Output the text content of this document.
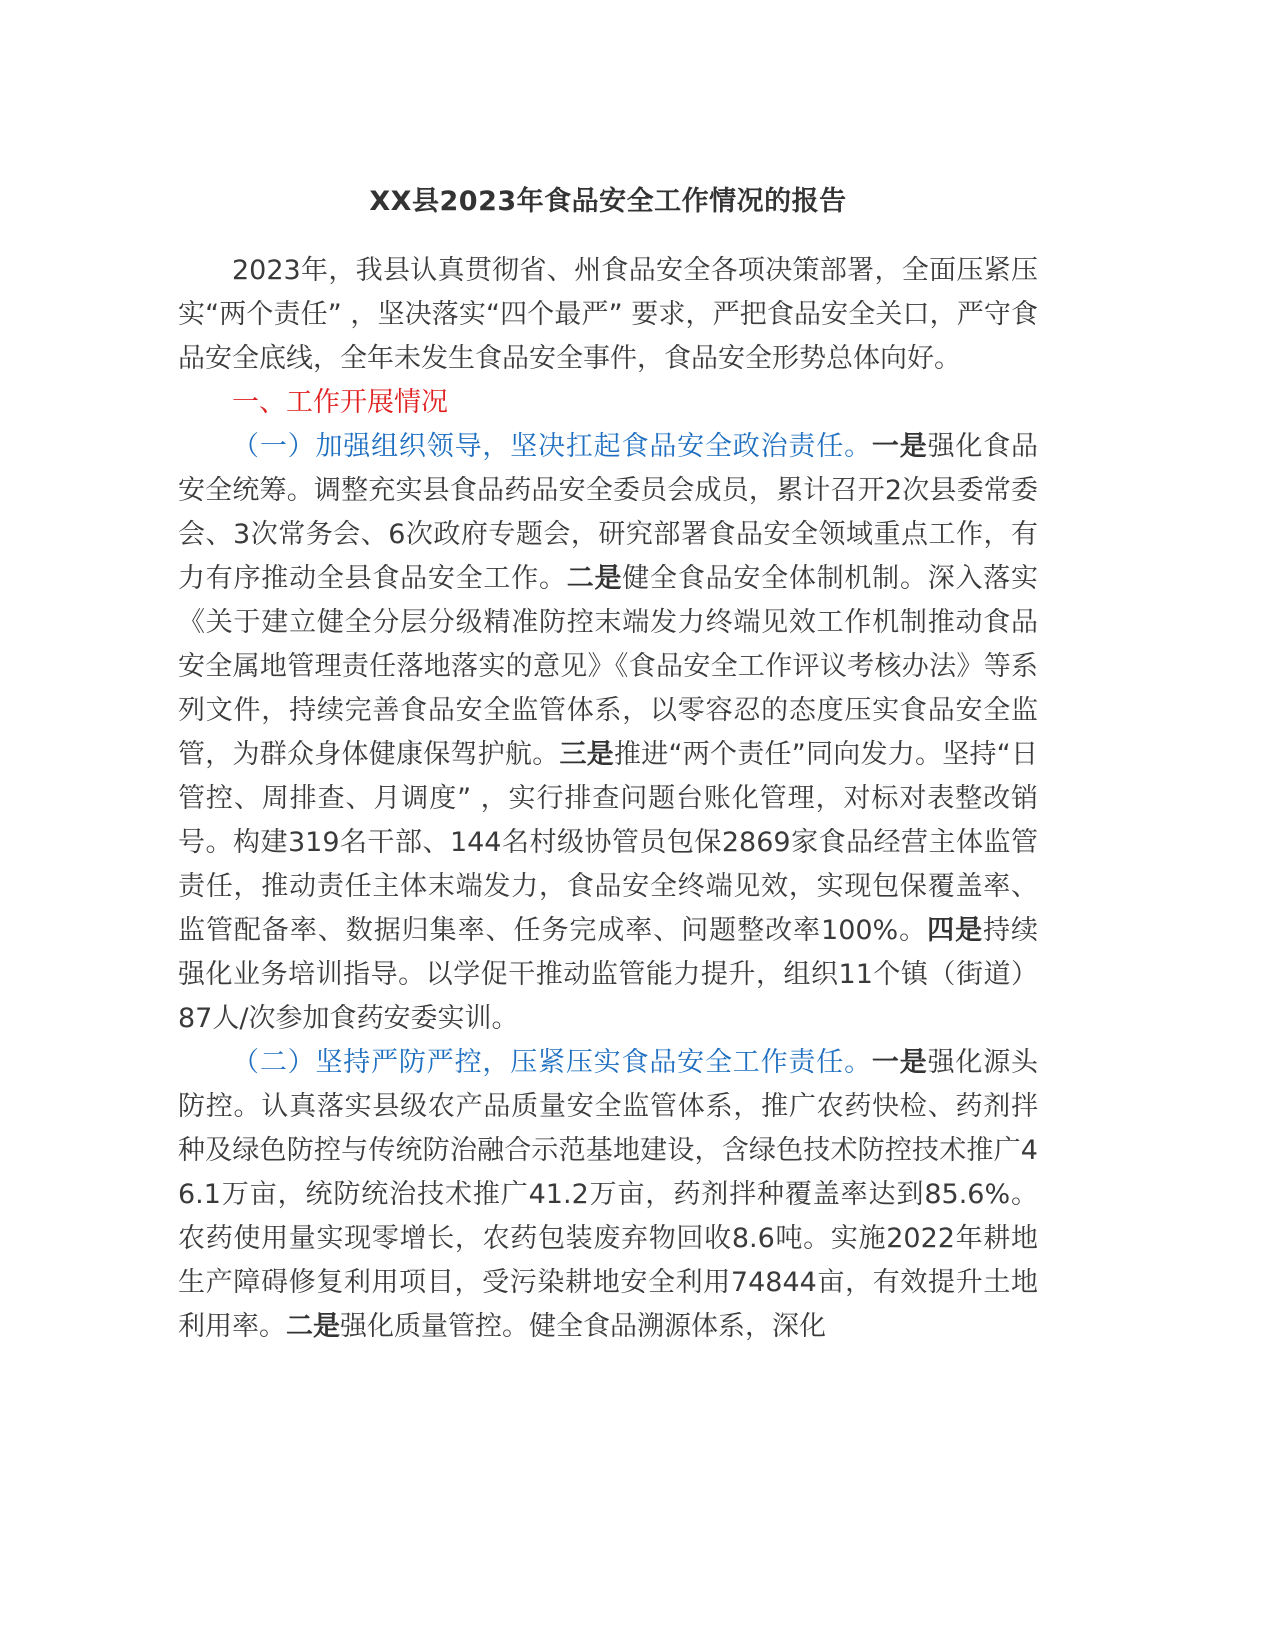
XX县2023年食品安全工作情况的报告

2023年，我县认真贯彻省、州食品安全各项决策部署，全面压紧压实“两个责任” ，坚决落实“四个最严” 要求，严把食品安全关口，严守食品安全底线，全年未发生食品安全事件，食品安全形势总体向好。

一、工作开展情况

（一）加强组织领导，坚决扛起食品安全政治责任。一是强化食品安全统筹。调整充实县食品药品安全委员会成员，累计召开2次县委常委会、3次常务会、6次政府专题会，研究部署食品安全领域重点工作，有力有序推动全县食品安全工作。二是健全食品安全体制机制。深入落实《关于建立健全分层分级精准防控末端发力终端见效工作机制推动食品安全属地管理责任落地落实的意见》《食品安全工作评议考核办法》等系列文件，持续完善食品安全监管体系，以零容忍的态度压实食品安全监管，为群众身体健康保驾护航。三是推进“两个责任”同向发力。坚持“日管控、周排查、月调度” ，实行排查问题台账化管理，对标对表整改销号。构建319名干部、144名村级协管员包保2869家食品经营主体监管责任，推动责任主体末端发力，食品安全终端见效，实现包保覆盖率、监管配备率、数据归集率、任务完成率、问题整改率100%。四是持续强化业务培训指导。以学促干推动监管能力提升，组织11个镇（街道）87人/次参加食药安委实训。

（二）坚持严防严控，压紧压实食品安全工作责任。一是强化源头防控。认真落实县级农产品质量安全监管体系，推广农药快检、药剂拌种及绿色防控与传统防治融合示范基地建设，含绿色技术防控技术推广46.1万亩，统防统治技术推广41.2万亩，药剂拌种覆盖率达到85.6%。农药使用量实现零增长，农药包装废弃物回收8.6吨。实施2022年耕地生产障碍修复利用项目，受污染耕地安全利用74844亩，有效提升土地利用率。二是强化质量管控。健全食品溯源体系，深化
